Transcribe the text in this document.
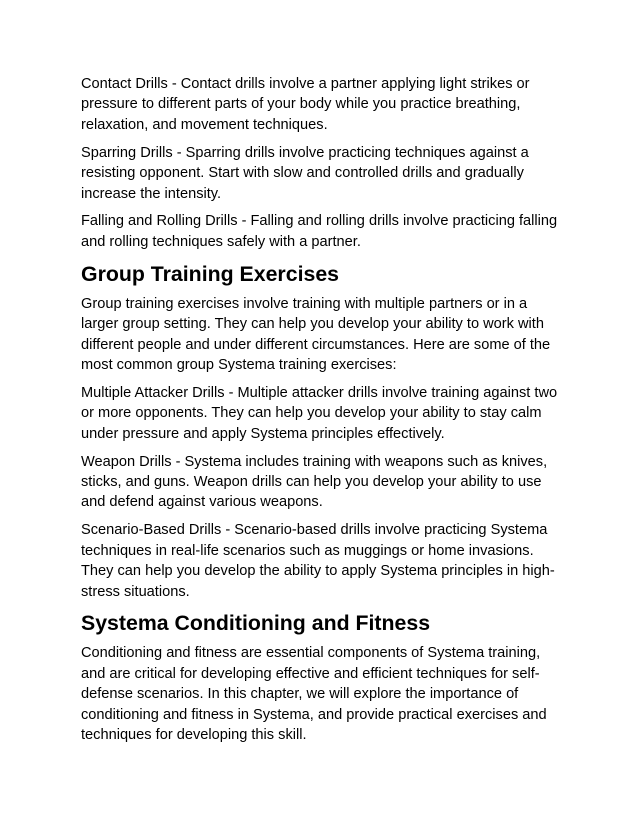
Contact Drills - Contact drills involve a partner applying light strikes or pressure to different parts of your body while you practice breathing, relaxation, and movement techniques.

Sparring Drills - Sparring drills involve practicing techniques against a resisting opponent. Start with slow and controlled drills and gradually increase the intensity.

Falling and Rolling Drills - Falling and rolling drills involve practicing falling and rolling techniques safely with a partner.

Group Training Exercises

Group training exercises involve training with multiple partners or in a larger group setting. They can help you develop your ability to work with different people and under different circumstances. Here are some of the most common group Systema training exercises:

Multiple Attacker Drills - Multiple attacker drills involve training against two or more opponents. They can help you develop your ability to stay calm under pressure and apply Systema principles effectively.

Weapon Drills - Systema includes training with weapons such as knives, sticks, and guns. Weapon drills can help you develop your ability to use and defend against various weapons.

Scenario-Based Drills - Scenario-based drills involve practicing Systema techniques in real-life scenarios such as muggings or home invasions. They can help you develop the ability to apply Systema principles in high-stress situations.

Systema Conditioning and Fitness

Conditioning and fitness are essential components of Systema training, and are critical for developing effective and efficient techniques for self-defense scenarios. In this chapter, we will explore the importance of conditioning and fitness in Systema, and provide practical exercises and techniques for developing this skill.
